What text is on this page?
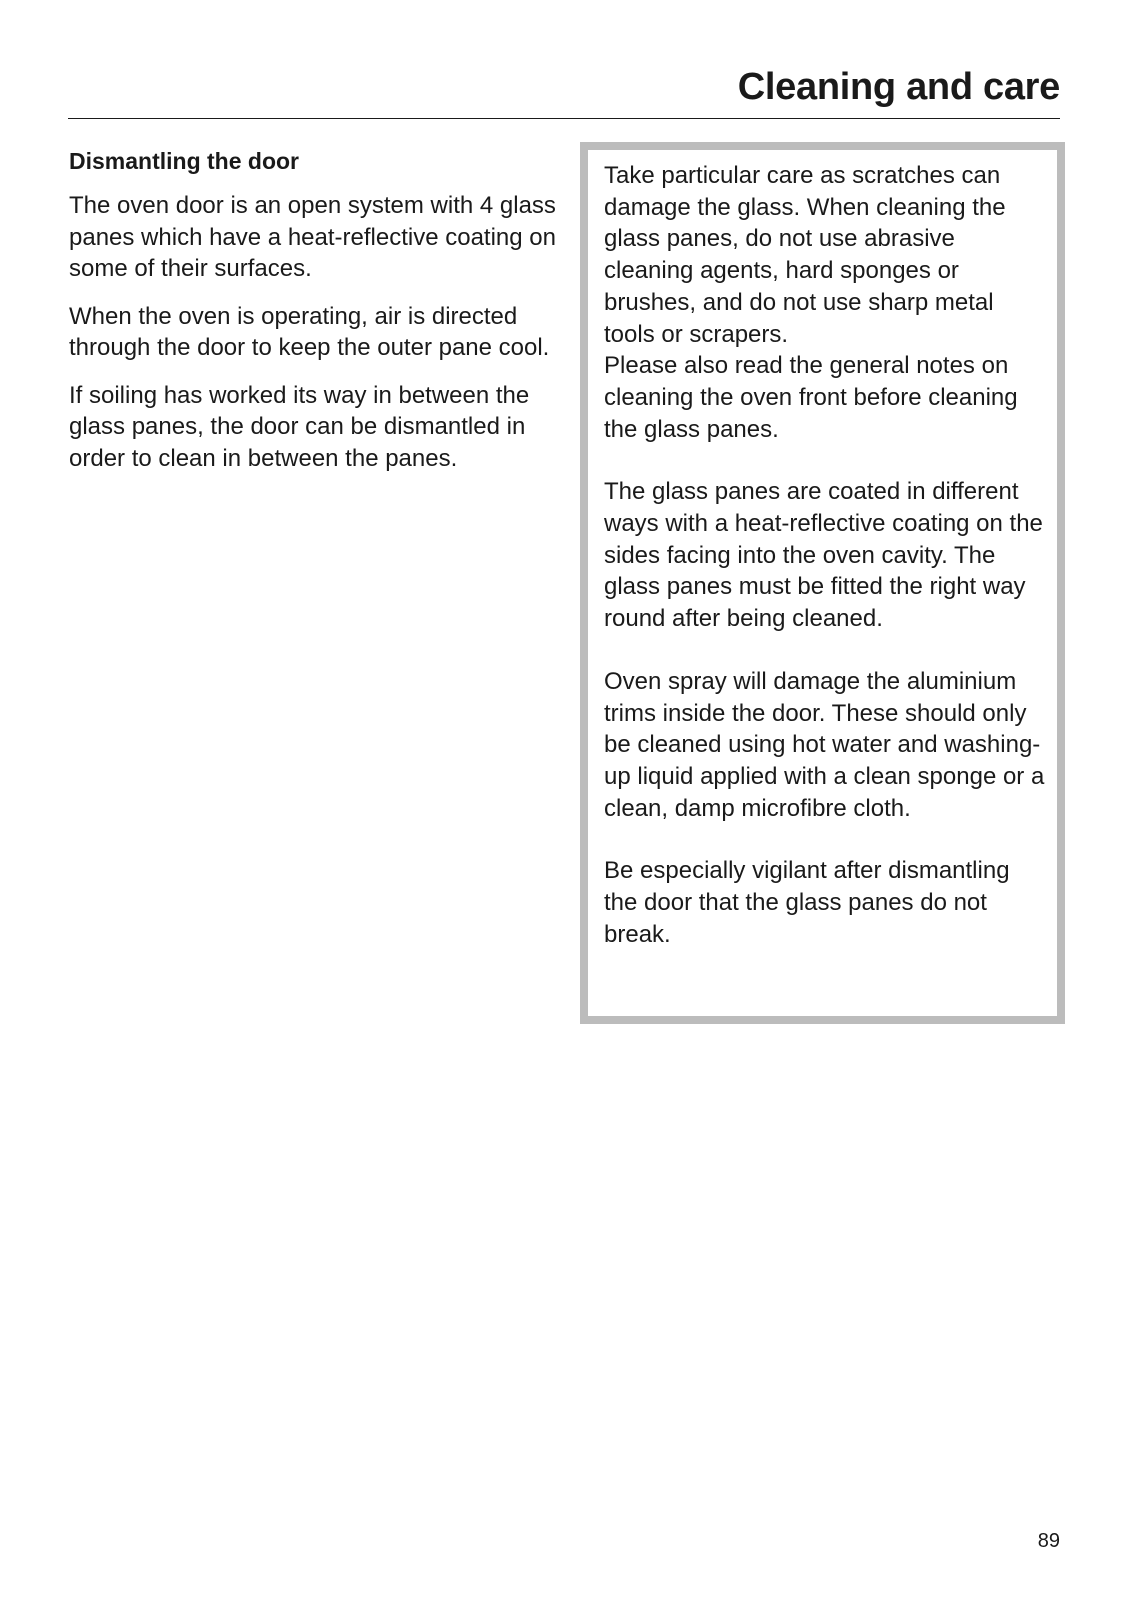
Cleaning and care
Dismantling the door

The oven door is an open system with 4 glass panes which have a heat-reflective coating on some of their surfaces.

When the oven is operating, air is directed through the door to keep the outer pane cool.

If soiling has worked its way in between the glass panes, the door can be dismantled in order to clean in between the panes.

Take particular care as scratches can damage the glass. When cleaning the glass panes, do not use abrasive cleaning agents, hard sponges or brushes, and do not use sharp metal tools or scrapers.
Please also read the general notes on cleaning the oven front before cleaning the glass panes.

The glass panes are coated in different ways with a heat-reflective coating on the sides facing into the oven cavity. The glass panes must be fitted the right way round after being cleaned.

Oven spray will damage the aluminium trims inside the door. These should only be cleaned using hot water and washing-up liquid applied with a clean sponge or a clean, damp microfibre cloth.

Be especially vigilant after dismantling the door that the glass panes do not break.

89
